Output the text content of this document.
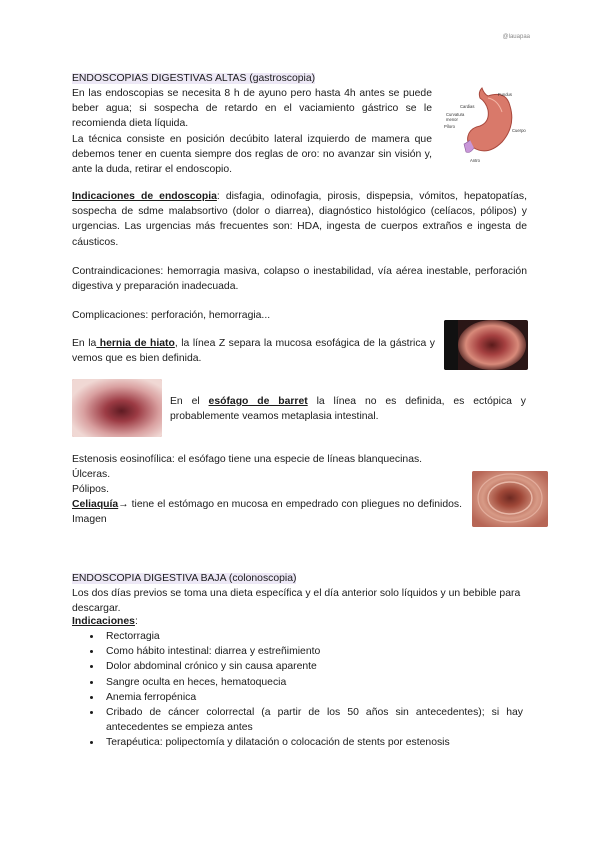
@lauapaa
ENDOSCOPIAS DIGESTIVAS ALTAS (gastroscopia)

En las endoscopias se necesita 8 h de ayuno pero hasta 4h antes se puede beber agua; si sospecha de retardo en el vaciamiento gástrico se le recomienda dieta líquida.

La técnica consiste en posición decúbito lateral izquierdo de mamera que debemos tener en cuenta siempre dos reglas de oro: no avanzar sin visión y, ante la duda, retirar el endoscopio.

Fundus
Cardias
Cuerpo
Antro
Curvatura menor
Píloro
Indicaciones de endoscopia: disfagia, odinofagia, pirosis, dispepsia, vómitos, hepatopatías, sospecha de sdme malabsortivo (dolor o diarrea), diagnóstico histológico (celíacos, pólipos) y urgencias. Las urgencias más frecuentes son: HDA, ingesta de cuerpos extraños e ingesta de cáusticos.
Contraindicaciones: hemorragia masiva, colapso o inestabilidad, vía aérea inestable, perforación digestiva y preparación inadecuada.
Complicaciones: perforación, hemorragia...
En la hernia de hiato, la línea Z separa la mucosa esofágica de la gástrica y vemos que es bien definida.
En el esófago de barret la línea no es definida, es ectópica y probablemente veamos metaplasia intestinal.

Estenosis eosinofílica: el esófago tiene una especie de líneas blanquecinas.

Úlceras.

Pólipos.

Celiaquía→ tiene el estómago en mucosa en empedrado con pliegues no definidos. Imagen
ENDOSCOPIA DIGESTIVA BAJA (colonoscopia)
Los dos días previos se toma una dieta específica y el día anterior solo líquidos y un bebible para descargar.
Indicaciones:
• Rectorragia
• Como hábito intestinal: diarrea y estreñimiento
• Dolor abdominal crónico y sin causa aparente
• Sangre oculta en heces, hematoquecia
• Anemia ferropénica
• Cribado de cáncer colorrectal (a partir de los 50 años sin antecedentes); si hay antecedentes se empieza antes
• Terapéutica: polipectomía y dilatación o colocación de stents por estenosis
